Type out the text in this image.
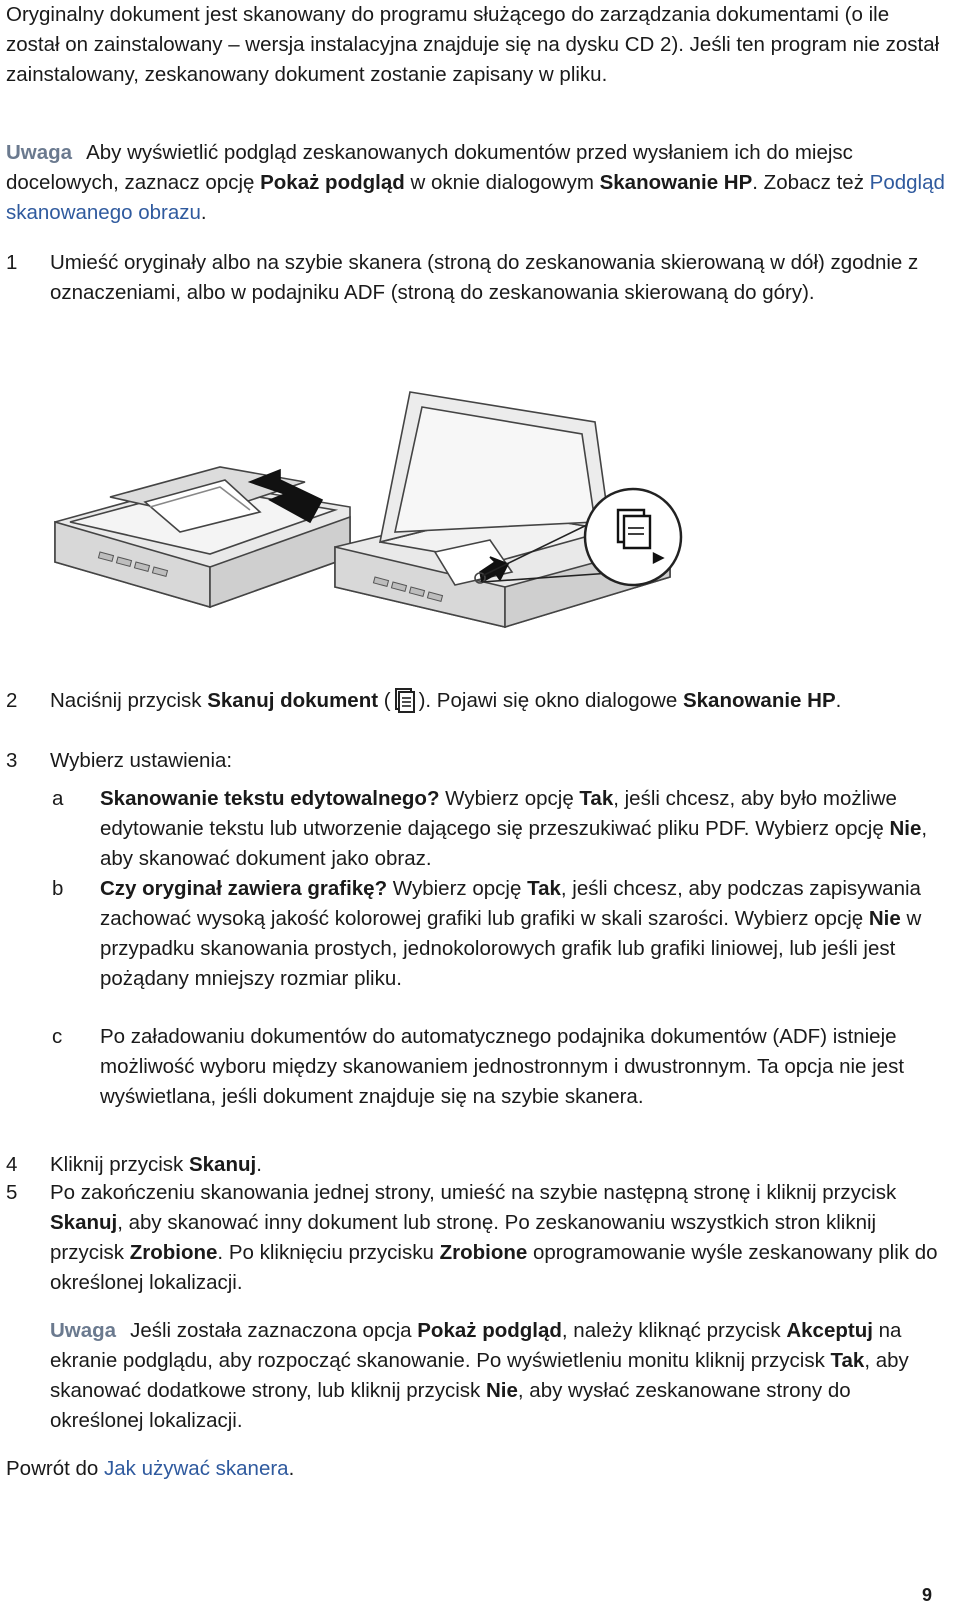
Oryginalny dokument jest skanowany do programu służącego do zarządzania dokumentami (o ile został on zainstalowany – wersja instalacyjna znajduje się na dysku CD 2). Jeśli ten program nie został zainstalowany, zeskanowany dokument zostanie zapisany w pliku.

Uwaga Aby wyświetlić podgląd zeskanowanych dokumentów przed wysłaniem ich do miejsc docelowych, zaznacz opcję Pokaż podgląd w oknie dialogowym Skanowanie HP. Zobacz też Podgląd skanowanego obrazu.

1	Umieść oryginały albo na szybie skanera (stroną do zeskanowania skierowaną w dół) zgodnie z oznaczeniami, albo w podajniku ADF (stroną do zeskanowania skierowaną do góry).

2	Naciśnij przycisk Skanuj dokument ( ). Pojawi się okno dialogowe Skanowanie HP.

3	Wybierz ustawienia:

a	Skanowanie tekstu edytowalnego? Wybierz opcję Tak, jeśli chcesz, aby było możliwe edytowanie tekstu lub utworzenie dającego się przeszukiwać pliku PDF. Wybierz opcję Nie, aby skanować dokument jako obraz.

b	Czy oryginał zawiera grafikę? Wybierz opcję Tak, jeśli chcesz, aby podczas zapisywania zachować wysoką jakość kolorowej grafiki lub grafiki w skali szarości. Wybierz opcję Nie w przypadku skanowania prostych, jednokolorowych grafik lub grafiki liniowej, lub jeśli jest pożądany mniejszy rozmiar pliku.

c	Po załadowaniu dokumentów do automatycznego podajnika dokumentów (ADF) istnieje możliwość wyboru między skanowaniem jednostronnym i dwustronnym. Ta opcja nie jest wyświetlana, jeśli dokument znajduje się na szybie skanera.

4	Kliknij przycisk Skanuj.

5	Po zakończeniu skanowania jednej strony, umieść na szybie następną stronę i kliknij przycisk Skanuj, aby skanować inny dokument lub stronę. Po zeskanowaniu wszystkich stron kliknij przycisk Zrobione. Po kliknięciu przycisku Zrobione oprogramowanie wyśle zeskanowany plik do określonej lokalizacji.

Uwaga Jeśli została zaznaczona opcja Pokaż podgląd, należy kliknąć przycisk Akceptuj na ekranie podglądu, aby rozpocząć skanowanie. Po wyświetleniu monitu kliknij przycisk Tak, aby skanować dodatkowe strony, lub kliknij przycisk Nie, aby wysłać zeskanowane strony do określonej lokalizacji.

Powrót do Jak używać skanera.

9
